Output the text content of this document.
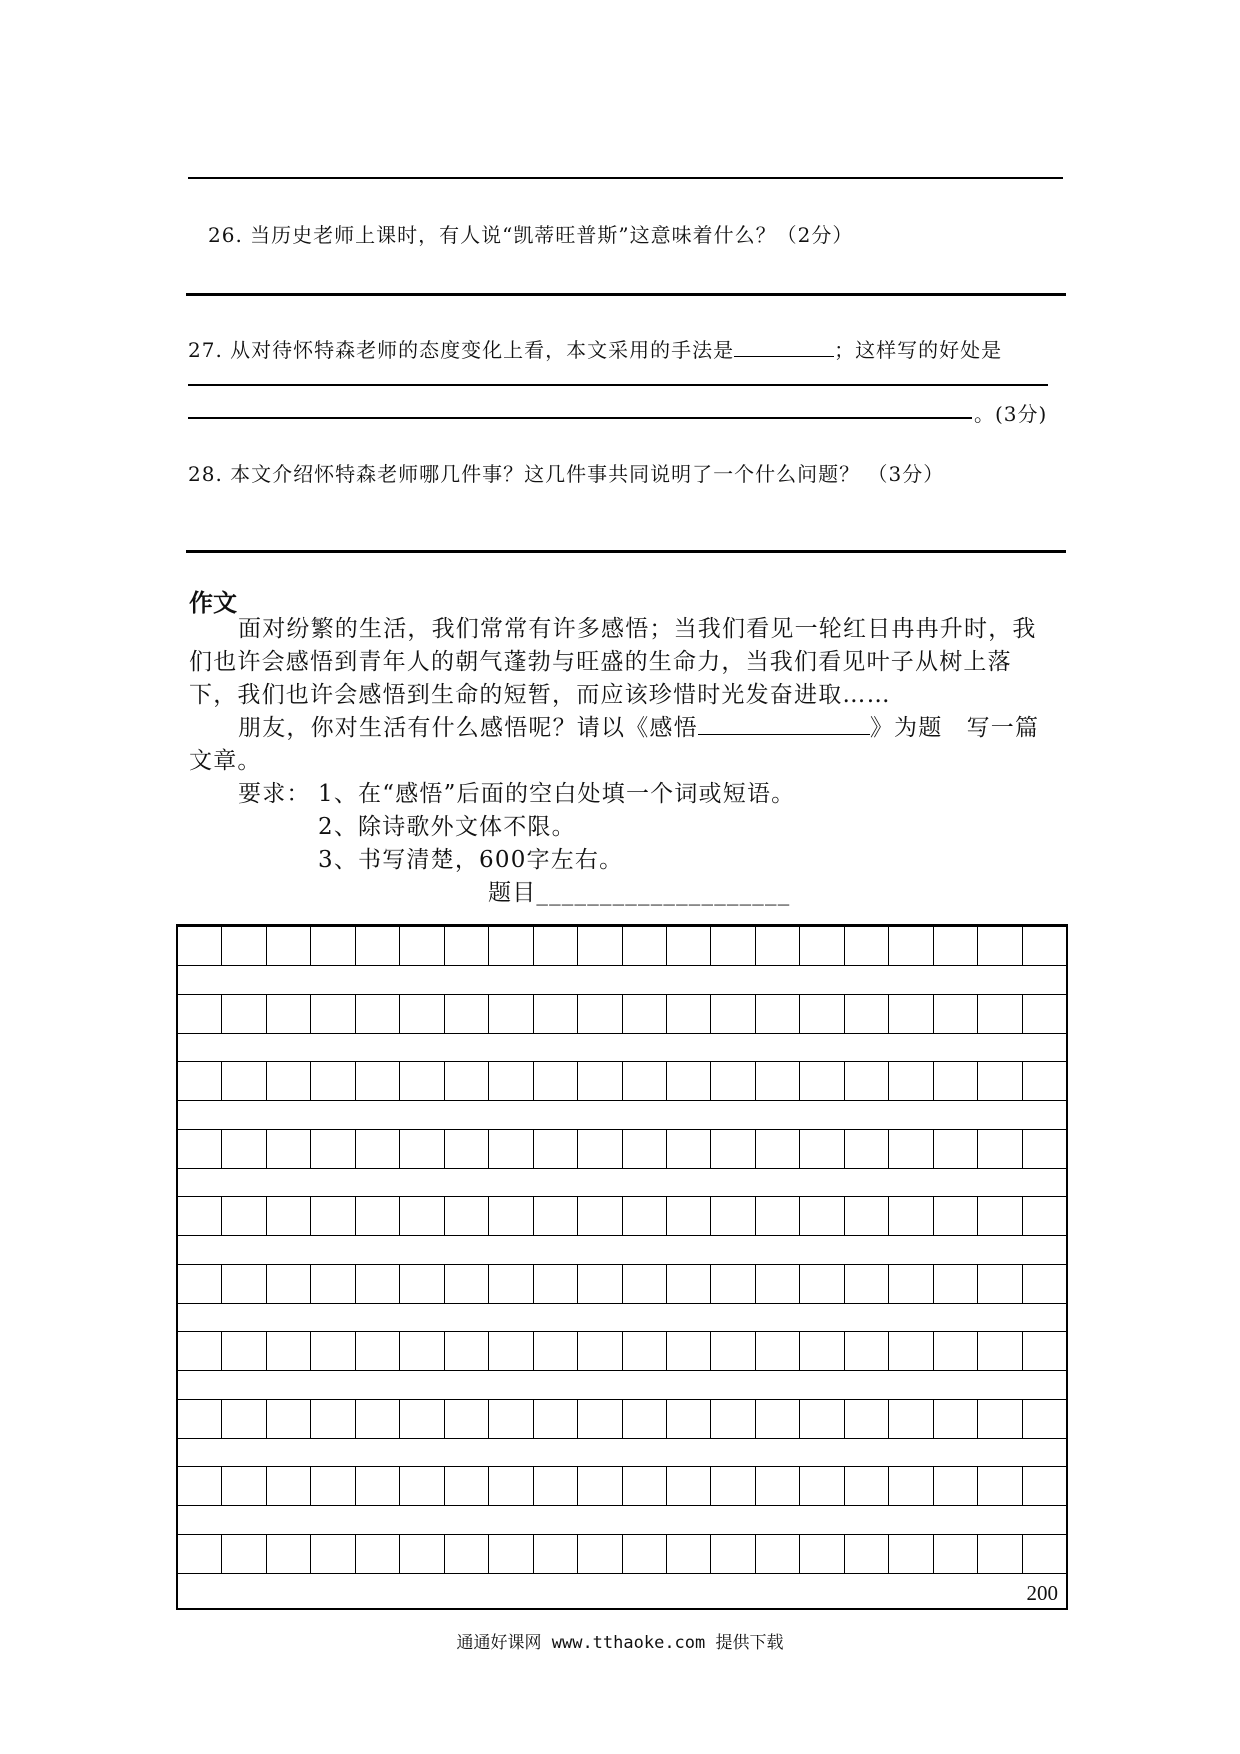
26. 当历史老师上课时，有人说“凯蒂旺普斯”这意味着什么？（2分）
27. 从对待怀特森老师的态度变化上看，本文采用的手法是	；这样写的好处是
。(3分)
28. 本文介绍怀特森老师哪几件事？这几件事共同说明了一个什么问题？ （3分）
作文
面对纷繁的生活，我们常常有许多感悟；当我们看见一轮红日冉冉升时，我
们也许会感悟到青年人的朝气蓬勃与旺盛的生命力，当我们看见叶子从树上落
下，我们也许会感悟到生命的短暂，而应该珍惜时光发奋进取……
朋友，你对生活有什么感悟呢？请以《感悟	》为题　写一篇
文章。
要求： 1、在“感悟”后面的空白处填一个词或短语。
2、除诗歌外文体不限。
3、书写清楚，600字左右。
题目____________________
200
通通好课网 www.tthaoke.com 提供下载
